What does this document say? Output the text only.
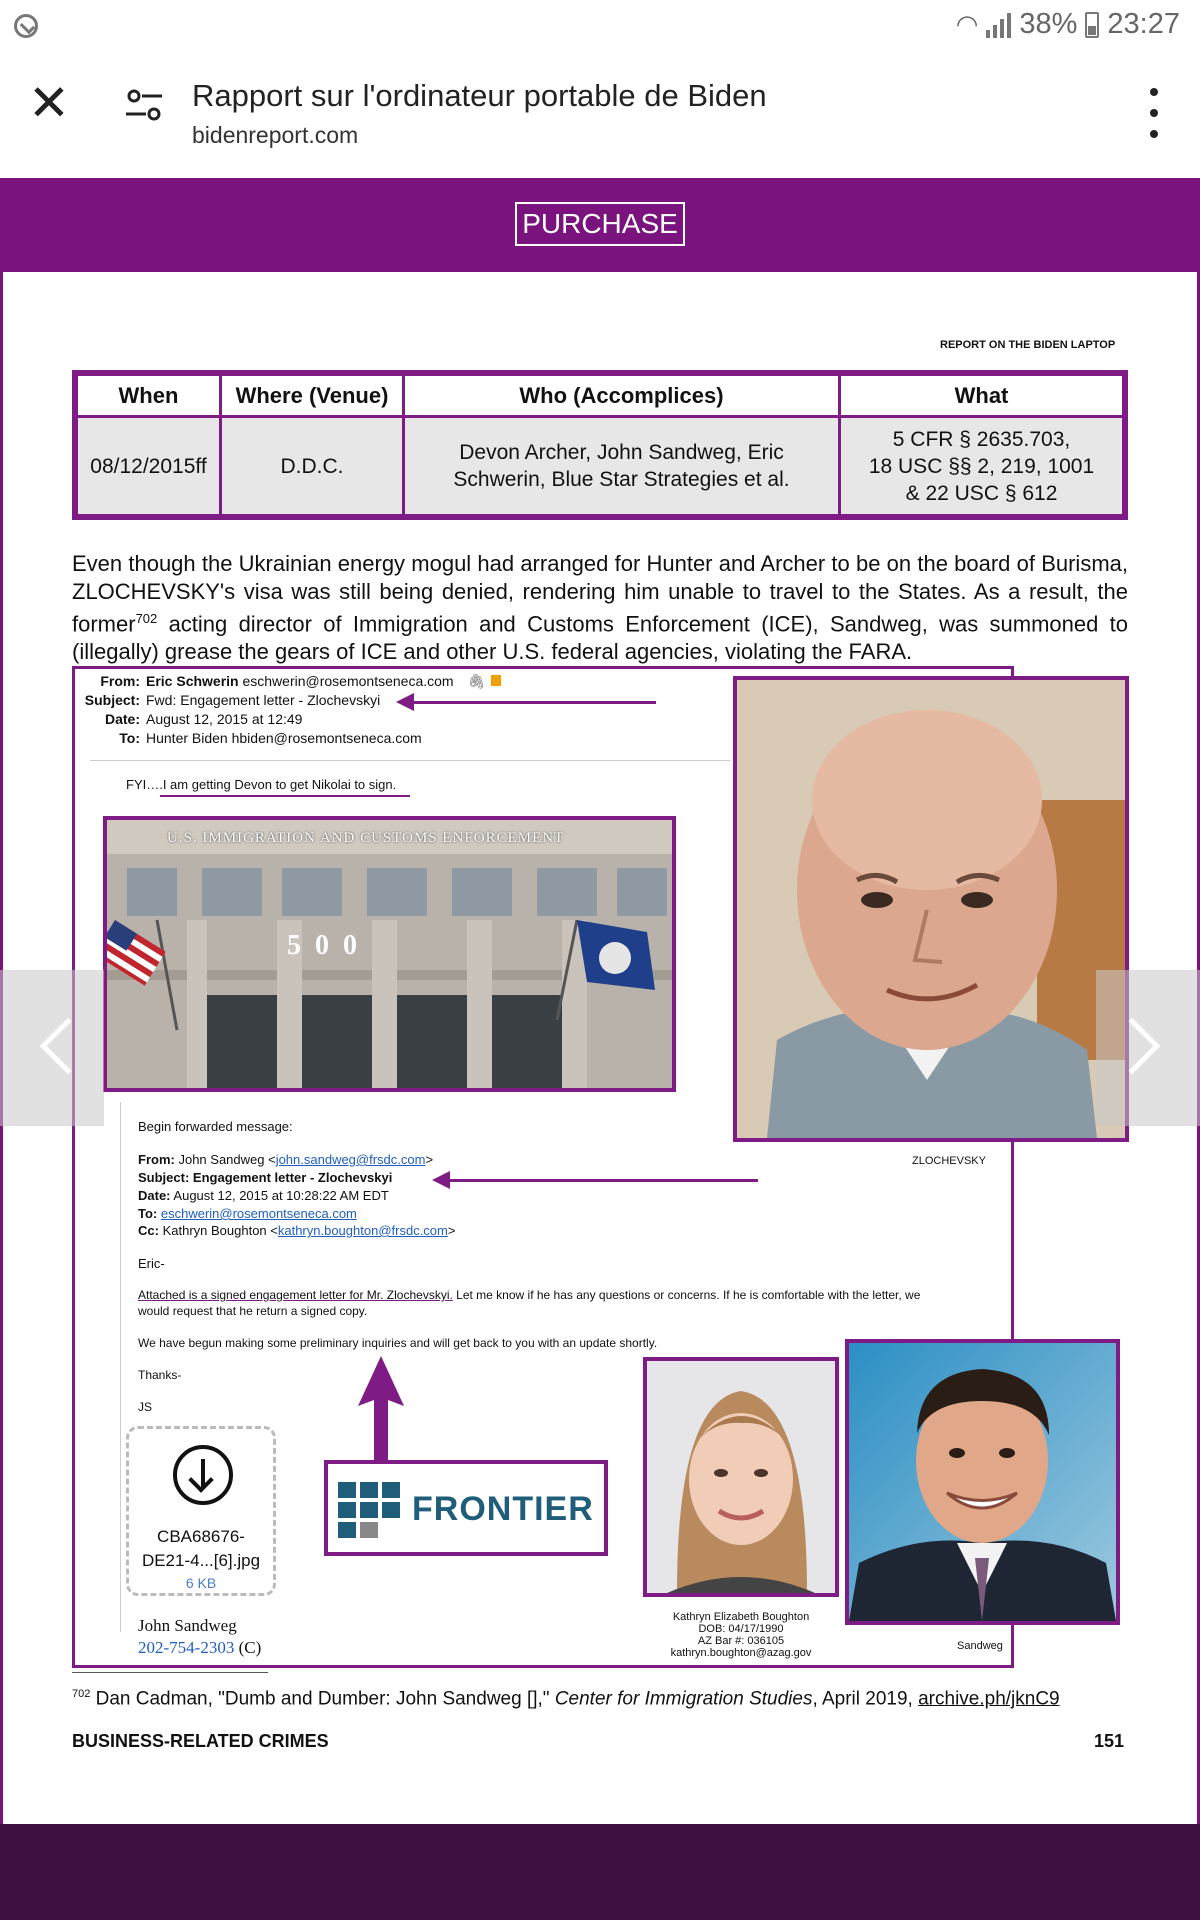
◠ 38% 23:27
✕	Rapport sur l'ordinateur portable de Biden
bidenreport.com
PURCHASE
REPORT ON THE BIDEN LAPTOP
When	Where (Venue)	Who (Accomplices)	What
08/12/2015ff	D.D.C.	Devon Archer, John Sandweg, Eric Schwerin, Blue Star Strategies et al.	5 CFR § 2635.703,
18 USC §§ 2, 219, 1001
& 22 USC § 612
Even though the Ukrainian energy mogul had arranged for Hunter and Archer to be on the board of Burisma, ZLOCHEVSKY's visa was still being denied, rendering him unable to travel to the States. As a result, the former$^{702}$ acting director of Immigration and Customs Enforcement (ICE), Sandweg, was summoned to (illegally) grease the gears of ICE and other U.S. federal agencies, violating the FARA.
From: Eric Schwerin eschwerin@rosemontseneca.com 🖇︎
Subject: Fwd: Engagement letter - Zlochevskyi
Date: August 12, 2015 at 12:49
To: Hunter Biden hbiden@rosemontseneca.com
FYI….I am getting Devon to get Nikolai to sign.
U.S. IMMIGRATION AND CUSTOMS ENFORCEMENT
5  0  0
ZLOCHEVSKY
Begin forwarded message:
From: John Sandweg <john.sandweg@frsdc.com>
Subject: Engagement letter - Zlochevskyi
Date: August 12, 2015 at 10:28:22 AM EDT
To: eschwerin@rosemontseneca.com
Cc: Kathryn Boughton <kathryn.boughton@frsdc.com>
Eric-
Attached is a signed engagement letter for Mr. Zlochevskyi. Let me know if he has any questions or concerns. If he is comfortable with the letter, we
would request that he return a signed copy.
We have begun making some preliminary inquiries and will get back to you with an update shortly.
Thanks-
JS
CBA68676-
DE21-4...[6].jpg
6 KB
FRONTIER
John Sandweg
202-754-2303 (C)
Kathryn Elizabeth Boughton
DOB: 04/17/1990
AZ Bar #: 036105
kathryn.boughton@azag.gov
Sandweg
$^{702}$ Dan Cadman, "Dumb and Dumber: John Sandweg []," Center for Immigration Studies, April 2019, archive.ph/jknC9
BUSINESS-RELATED CRIMES	151
